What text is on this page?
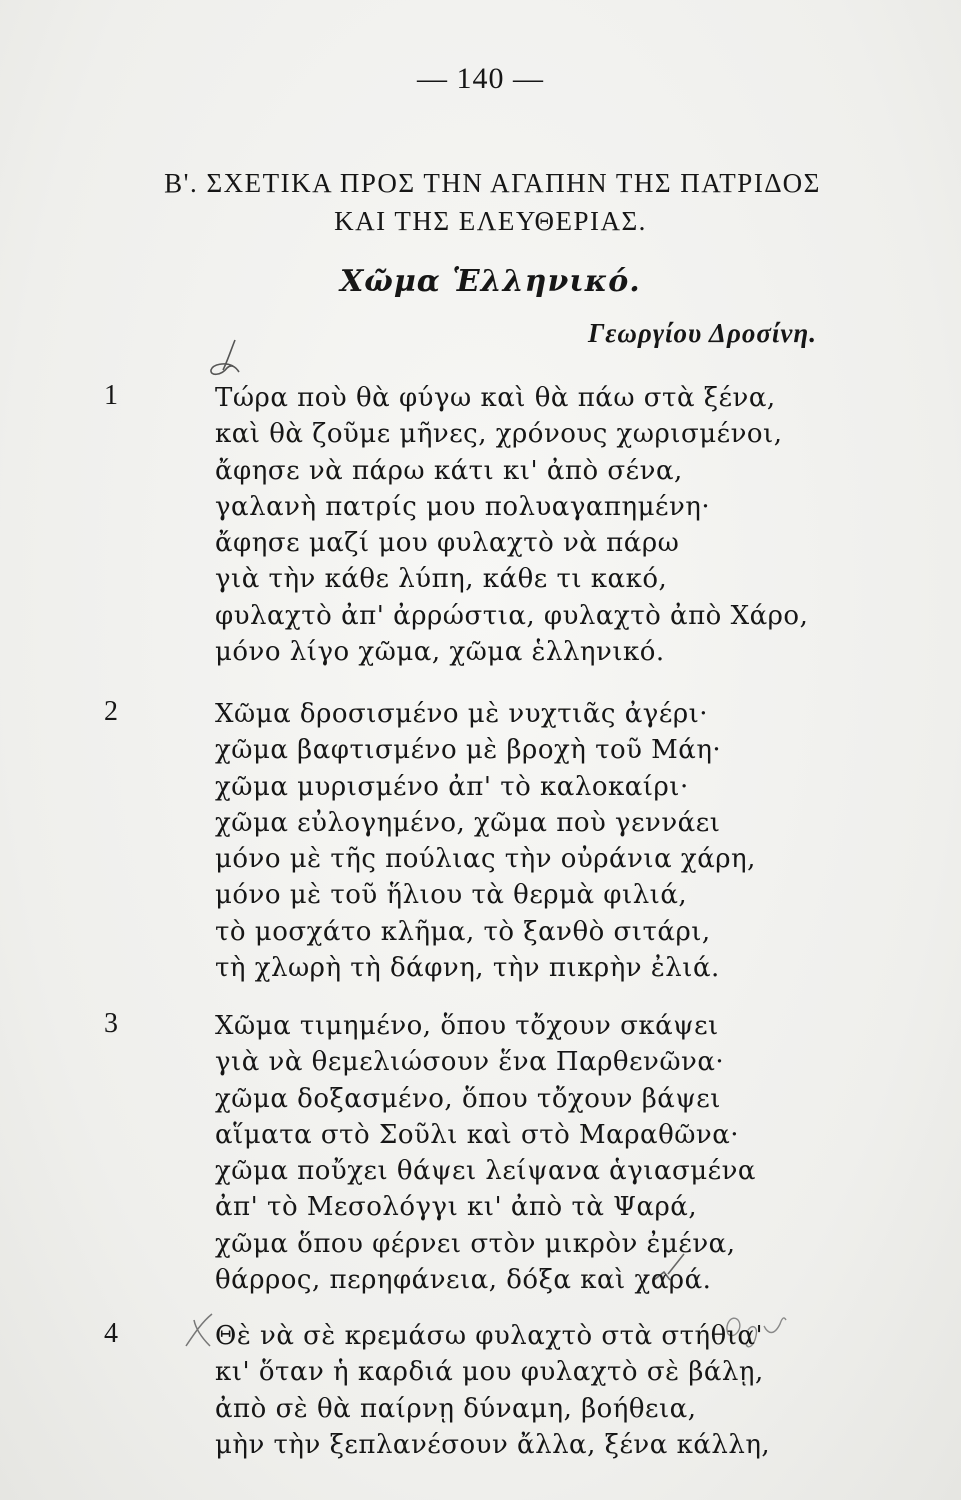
— 140 —
Β'. ΣΧΕΤΙΚΑ ΠΡΟΣ ΤΗΝ ΑΓΑΠΗΝ ΤΗΣ ΠΑΤΡΙΔΟΣ
ΚΑΙ ΤΗΣ ΕΛΕΥΘΕΡΙΑΣ.
Χῶμα Ἑλληνικό.
Γεωργίου Δροσίνη.
1	Τώρα ποὺ θὰ φύγω καὶ θὰ πάω στὰ ξένα,
καὶ θὰ ζοῦμε μῆνες, χρόνους χωρισμένοι,
ἄφησε νὰ πάρω κάτι κι' ἀπὸ σένα,
γαλανὴ πατρίς μου πολυαγαπημένη·
ἄφησε μαζί μου φυλαχτὸ νὰ πάρω
γιὰ τὴν κάθε λύπη, κάθε τι κακό,
φυλαχτὸ ἀπ' ἀρρώστια, φυλαχτὸ ἀπὸ Χάρο,
μόνο λίγο χῶμα, χῶμα ἑλληνικό.
2	Χῶμα δροσισμένο μὲ νυχτιᾶς ἀγέρι·
χῶμα βαφτισμένο μὲ βροχὴ τοῦ Μάη·
χῶμα μυρισμένο ἀπ' τὸ καλοκαίρι·
χῶμα εὐλογημένο, χῶμα ποὺ γεννάει
μόνο μὲ τῆς πούλιας τὴν οὐράνια χάρη,
μόνο μὲ τοῦ ἥλιου τὰ θερμὰ φιλιά,
τὸ μοσχάτο κλῆμα, τὸ ξανθὸ σιτάρι,
τὴ χλωρὴ τὴ δάφνη, τὴν πικρὴν ἐλιά.
3	Χῶμα τιμημένο, ὅπου τὄχουν σκάψει
γιὰ νὰ θεμελιώσουν ἕνα Παρθενῶνα·
χῶμα δοξασμένο, ὅπου τὄχουν βάψει
αἵματα στὸ Σοῦλι καὶ στὸ Μαραθῶνα·
χῶμα ποὔχει θάψει λείψανα ἁγιασμένα
ἀπ' τὸ Μεσολόγγι κι' ἀπὸ τὰ Ψαρά,
χῶμα ὅπου φέρνει στὸν μικρὸν ἐμένα,
θάρρος, περηφάνεια, δόξα καὶ χαρά.
4	Θὲ νὰ σὲ κρεμάσω φυλαχτὸ στὰ στήθια'
κι' ὅταν ἡ καρδιά μου φυλαχτὸ σὲ βάλῃ,
ἀπὸ σὲ θὰ παίρνῃ δύναμη, βοήθεια,
μὴν τὴν ξεπλανέσουν ἄλλα, ξένα κάλλη,
